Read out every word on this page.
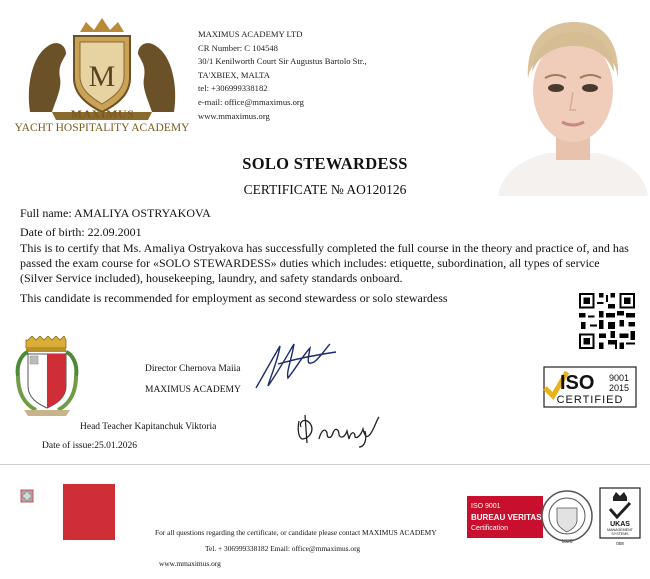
M
MAXIMUS
YACHT HOSPITALITY ACADEMY
MAXIMUS ACADEMY LTD
CR Number: C 104548
30/1 Kenilworth Court Sir Augustus Bartolo Str.,
TA'XBIEX, MALTA
tel: +306999338182
e-mail: office@mmaximus.org
www.mmaximus.org
SOLO STEWARDESS
CERTIFICATE № AO120126
Full name: AMALIYA OSTRYAKOVA
Date of birth: 22.09.2001
This is to certify that Ms. Amaliya Ostryakova has successfully completed the full course in the theory and practice of, and has passed the exam course for «SOLO STEWARDESS» duties which includes: etiquette, subordination, all types of service (Silver Service included), housekeeping, laundry, and safety standards onboard.
This candidate is recommended for employment as second stewardess or solo stewardess
Director Chernova Maiia
MAXIMUS ACADEMY	ISO 9001
2015
CERTIFIED
Head Teacher Kapitanchuk Viktoria
Date of issue:25.01.2026
For all questions regarding the certificate, or candidate please contact MAXIMUS ACADEMY
Tel. + 306999338182 Email: office@mmaximus.org
www.mmaximus.org
ISO 9001
BUREAU VERITAS
Certification
1828
UKAS
MANAGEMENT
SYSTEMS
008
